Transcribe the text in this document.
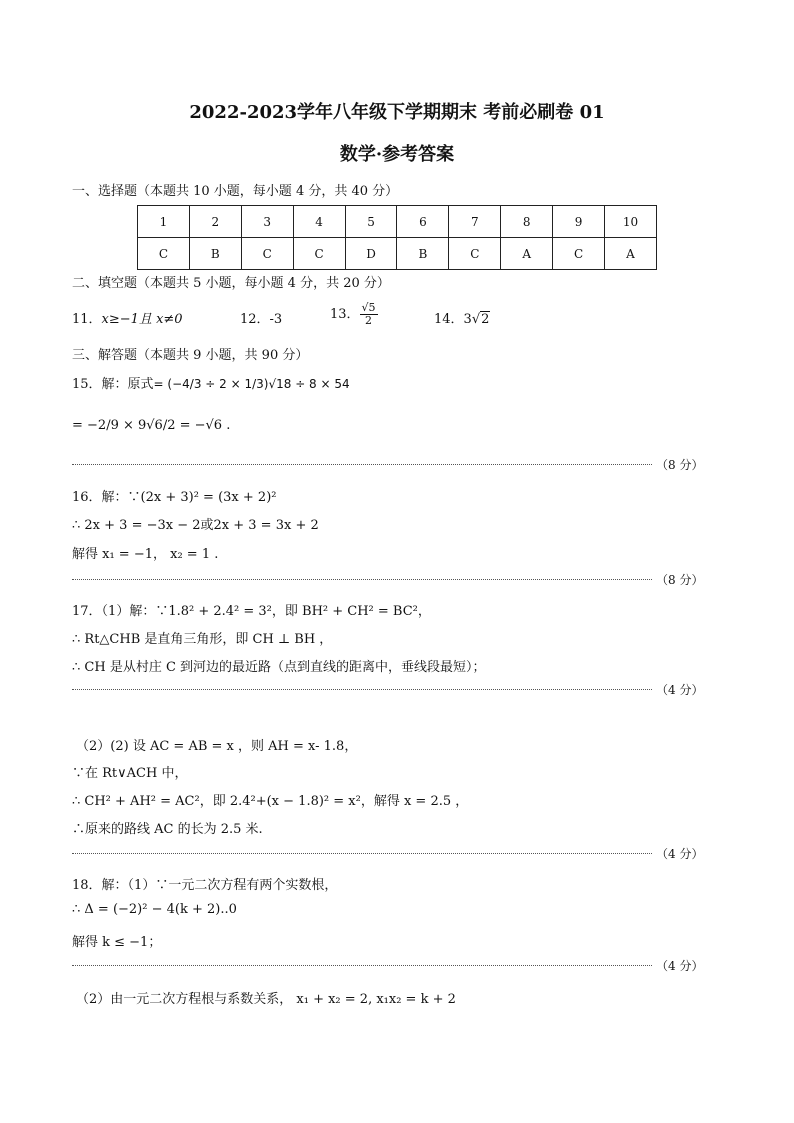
2022-2023学年八年级下学期期末 考前必刷卷 01
数学·参考答案
一、选择题（本题共 10 小题，每小题 4 分，共 40 分）
1	2	3	4	5	6	7	8	9	10
C	B	C	C	D	B	C	A	C	A
二、填空题（本题共 5 小题，每小题 4 分，共 20 分）
11．x≥−1且 x≠0	12．-3	13． $\frac{√5}{2}$	14．3√2
三、解答题（本题共 9 小题，共 90 分）
15．解：原式= (−4/3 ÷ 2 × 1/3)√18 ÷ 8 × 54
= −2/9 × 9√6/2 = −√6 .
（8 分）
16．解：∵(2x + 3)² = (3x + 2)²
∴ 2x + 3 = −3x − 2或2x + 3 = 3x + 2
解得 x₁ = −1， x₂ = 1 .
（8 分）
17．（1）解：∵1.8² + 2.4² = 3²，即 BH² + CH² = BC²，
∴ Rt△CHB 是直角三角形，即 CH ⊥ BH ，
∴ CH 是从村庄 C 到河边的最近路（点到直线的距离中，垂线段最短）；
（4 分）
（2）(2) 设 AC = AB = x ，则 AH = x- 1.8，
∵在 Rt∨ACH 中，
∴ CH² + AH² = AC²，即 2.4²+(x − 1.8)² = x²，解得 x = 2.5 ，
∴原来的路线 AC 的长为 2.5 米.
（4 分）
18．解：（1）∵一元二次方程有两个实数根，
∴ Δ = (−2)² − 4(k + 2)..0
解得 k ≤ −1；
（4 分）
（2）由一元二次方程根与系数关系， x₁ + x₂ = 2, x₁x₂ = k + 2
